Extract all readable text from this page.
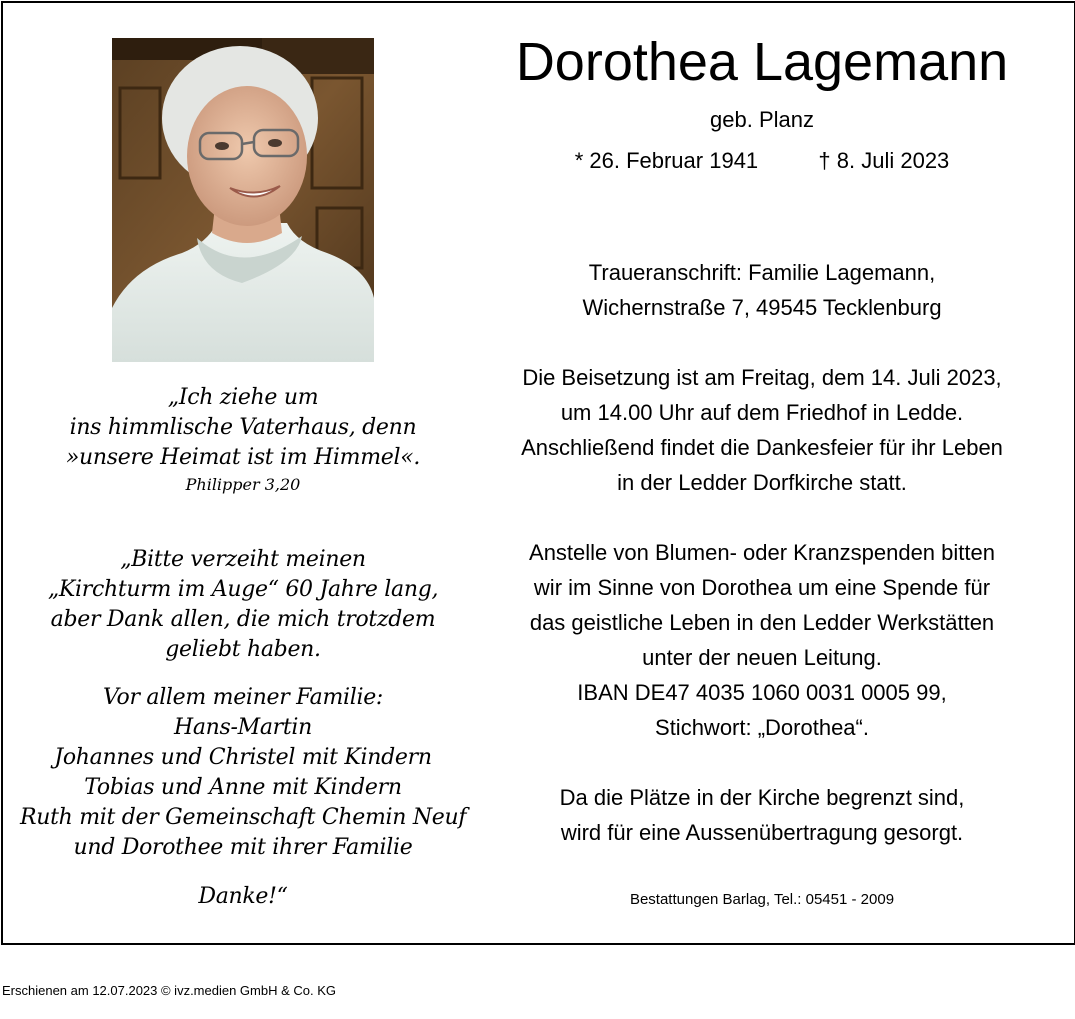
„Ich ziehe um
ins himmlische Vaterhaus, denn
»unsere Heimat ist im Himmel«.
Philipper 3,20
„Bitte verzeiht meinen
„Kirchturm im Auge“ 60 Jahre lang,
aber Dank allen, die mich trotzdem
geliebt haben.
Vor allem meiner Familie:
Hans-Martin
Johannes und Christel mit Kindern
Tobias und Anne mit Kindern
Ruth mit der Gemeinschaft Chemin Neuf
und Dorothee mit ihrer Familie
Danke!“
Dorothea Lagemann
geb. Planz
* 26. Februar 1941	† 8. Juli 2023
Traueranschrift: Familie Lagemann,
Wichernstraße 7, 49545 Tecklenburg
Die Beisetzung ist am Freitag, dem 14. Juli 2023,
um 14.00 Uhr auf dem Friedhof in Ledde.
Anschließend findet die Dankesfeier für ihr Leben
in der Ledder Dorfkirche statt.
Anstelle von Blumen- oder Kranzspenden bitten
wir im Sinne von Dorothea um eine Spende für
das geistliche Leben in den Ledder Werkstätten
unter der neuen Leitung.
IBAN DE47 4035 1060 0031 0005 99,
Stichwort: „Dorothea“.
Da die Plätze in der Kirche begrenzt sind,
wird für eine Aussenübertragung gesorgt.
Bestattungen Barlag, Tel.: 05451 - 2009
Erschienen am 12.07.2023 © ivz.medien GmbH & Co. KG
